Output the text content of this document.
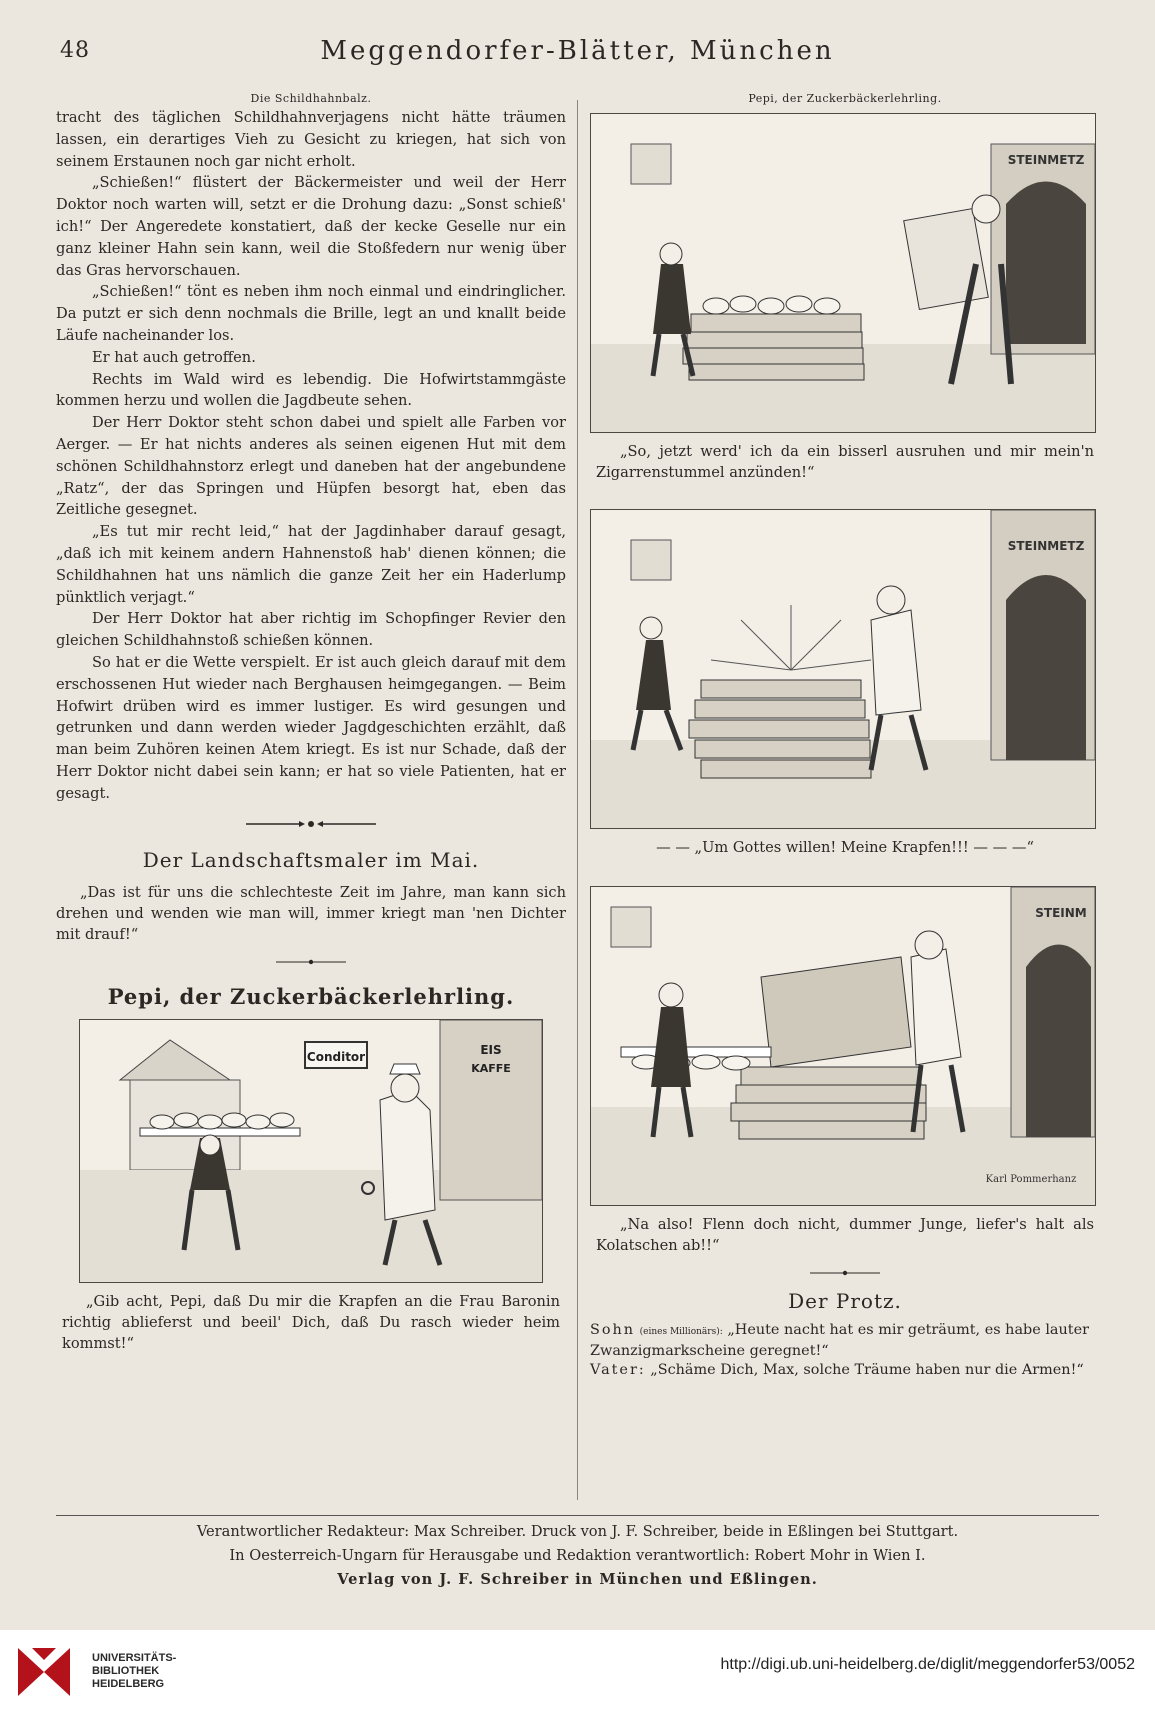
48	Meggendorfer-Blätter, München
Die Schildhahnbalz.

tracht des täglichen Schildhahnverjagens nicht hätte träumen lassen, ein derartiges Vieh zu Gesicht zu kriegen, hat sich von seinem Erstaunen noch gar nicht erholt.

„Schießen!“ flüstert der Bäckermeister und weil der Herr Doktor noch warten will, setzt er die Drohung dazu: „Sonst schieß' ich!“ Der Angeredete konstatiert, daß der kecke Geselle nur ein ganz kleiner Hahn sein kann, weil die Stoßfedern nur wenig über das Gras hervorschauen.

„Schießen!“ tönt es neben ihm noch einmal und eindringlicher. Da putzt er sich denn nochmals die Brille, legt an und knallt beide Läufe nacheinander los.

Er hat auch getroffen.

Rechts im Wald wird es lebendig. Die Hofwirtstammgäste kommen herzu und wollen die Jagdbeute sehen.

Der Herr Doktor steht schon dabei und spielt alle Farben vor Aerger. — Er hat nichts anderes als seinen eigenen Hut mit dem schönen Schildhahnstorz erlegt und daneben hat der angebundene „Ratz“, der das Springen und Hüpfen besorgt hat, eben das Zeitliche gesegnet.

„Es tut mir recht leid,“ hat der Jagdinhaber darauf gesagt, „daß ich mit keinem andern Hahnenstoß hab' dienen können; die Schildhahnen hat uns nämlich die ganze Zeit her ein Haderlump pünktlich verjagt.“

Der Herr Doktor hat aber richtig im Schopfinger Revier den gleichen Schildhahnstoß schießen können.

So hat er die Wette verspielt. Er ist auch gleich darauf mit dem erschossenen Hut wieder nach Berghausen heimgegangen. — Beim Hofwirt drüben wird es immer lustiger. Es wird gesungen und getrunken und dann werden wieder Jagdgeschichten erzählt, daß man beim Zuhören keinen Atem kriegt. Es ist nur Schade, daß der Herr Doktor nicht dabei sein kann; er hat so viele Patienten, hat er gesagt.

Der Landschaftsmaler im Mai.

„Das ist für uns die schlechteste Zeit im Jahre, man kann sich drehen und wenden wie man will, immer kriegt man 'nen Dichter mit drauf!“

Pepi, der Zuckerbäckerlehrling.
Conditor	EIS
KAFFE

„Gib acht, Pepi, daß Du mir die Krapfen an die Frau Baronin richtig ablieferst und beeil' Dich, daß Du rasch wieder heim kommst!“

Pepi, der Zuckerbäckerlehrling.
STEINMETZ

„So, jetzt werd' ich da ein bisserl ausruhen und mir mein'n Zigarrenstummel anzünden!“

STEINMETZ

— — „Um Gottes willen! Meine Krapfen!!! — — —“

STEINM
Karl Pommerhanz

„Na also! Flenn doch nicht, dummer Junge, liefer's halt als Kolatschen ab!!“

Der Protz.

Sohn (eines Millionärs): „Heute nacht hat es mir geträumt, es habe lauter Zwanzigmarkscheine geregnet!“

Vater: „Schäme Dich, Max, solche Träume haben nur die Armen!“

Verantwortlicher Redakteur: Max Schreiber. Druck von J. F. Schreiber, beide in Eßlingen bei Stuttgart.
In Oesterreich-Ungarn für Herausgabe und Redaktion verantwortlich: Robert Mohr in Wien I.
Verlag von J. F. Schreiber in München und Eßlingen.
UNIVERSITÄTS-
BIBLIOTHEK
HEIDELBERG
http://digi.ub.uni-heidelberg.de/diglit/meggendorfer53/0052
